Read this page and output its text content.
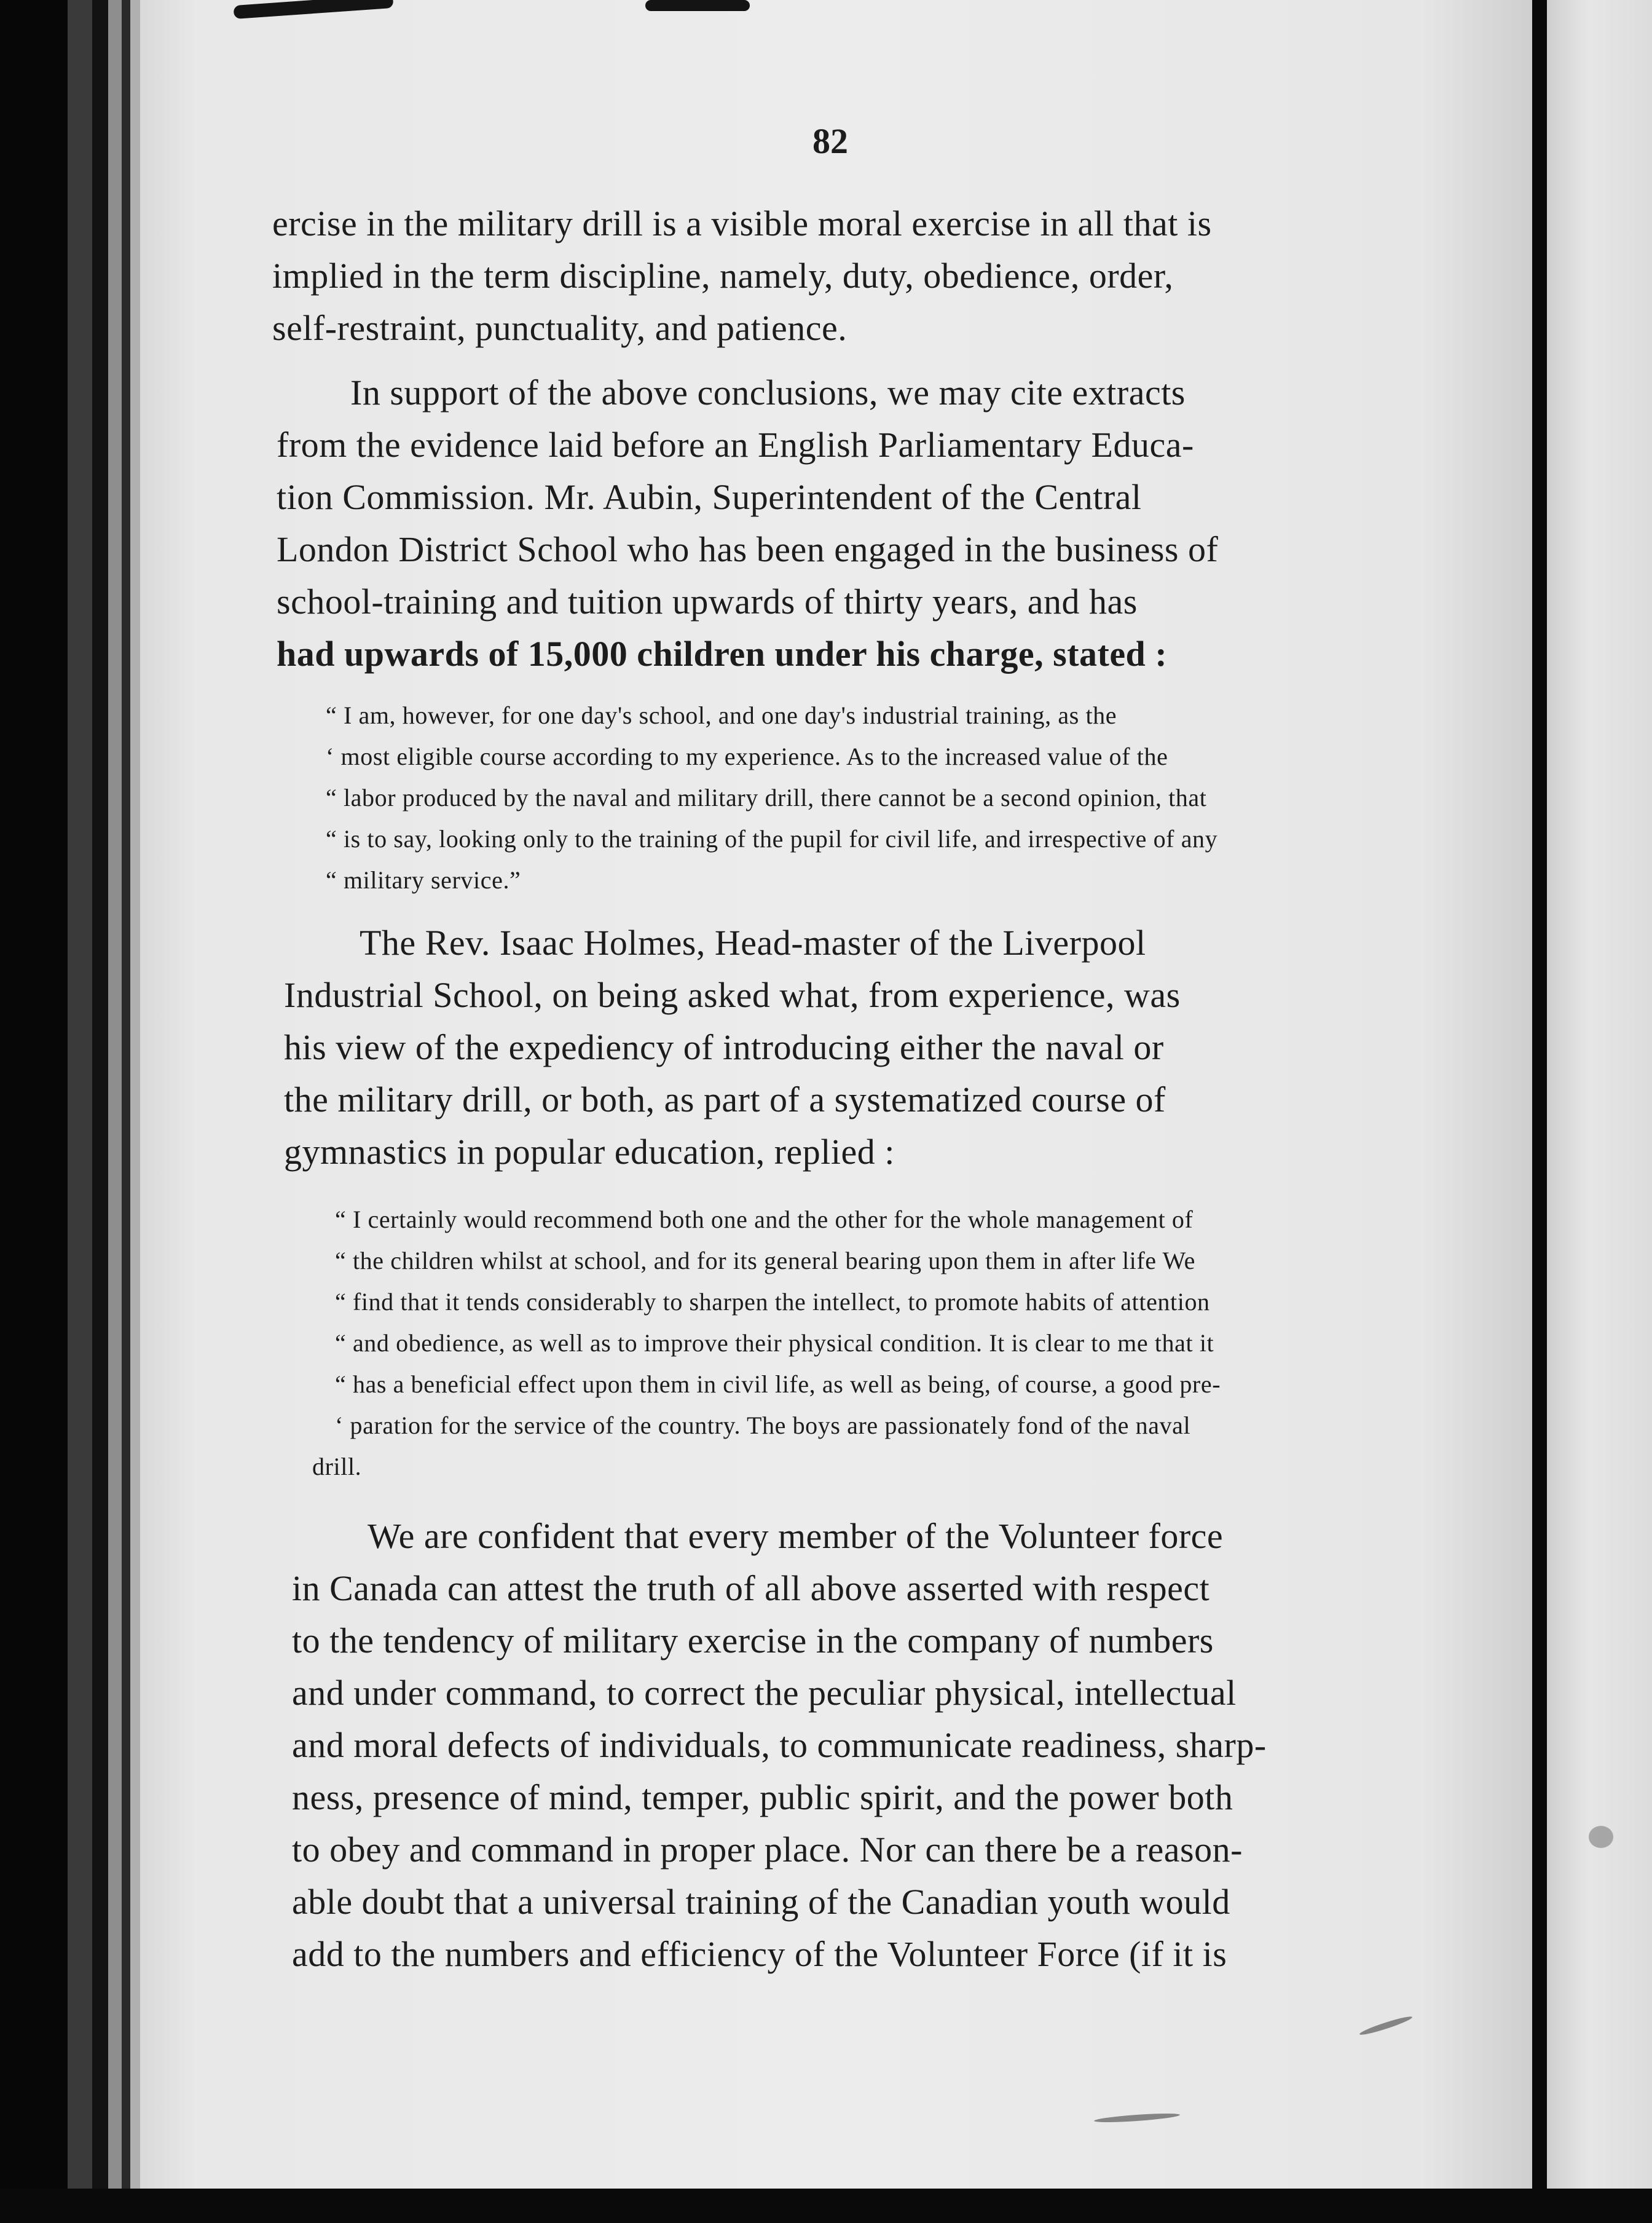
82
ercise in the military drill is a visible moral exercise in all that is
implied in the term discipline, namely, duty, obedience, order,
self-restraint, punctuality, and patience.
In support of the above conclusions, we may cite extracts
from the evidence laid before an English Parliamentary Educa-
tion Commission. Mr. Aubin, Superintendent of the Central
London District School who has been engaged in the business of
school-training and tuition upwards of thirty years, and has
had upwards of 15,000 children under his charge, stated :
“ I am, however, for one day's school, and one day's industrial training, as the
‘ most eligible course according to my experience. As to the increased value of the
“ labor produced by the naval and military drill, there cannot be a second opinion, that
“ is to say, looking only to the training of the pupil for civil life, and irrespective of any
“ military service.”
The Rev. Isaac Holmes, Head-master of the Liverpool
Industrial School, on being asked what, from experience, was
his view of the expediency of introducing either the naval or
the military drill, or both, as part of a systematized course of
gymnastics in popular education, replied :
“ I certainly would recommend both one and the other for the whole management of
“ the children whilst at school, and for its general bearing upon them in after life We
“ find that it tends considerably to sharpen the intellect, to promote habits of attention
“ and obedience, as well as to improve their physical condition. It is clear to me that it
“ has a beneficial effect upon them in civil life, as well as being, of course, a good pre-
‘ paration for the service of the country. The boys are passionately fond of the naval
drill.
We are confident that every member of the Volunteer force
in Canada can attest the truth of all above asserted with respect
to the tendency of military exercise in the company of numbers
and under command, to correct the peculiar physical, intellectual
and moral defects of individuals, to communicate readiness, sharp-
ness, presence of mind, temper, public spirit, and the power both
to obey and command in proper place. Nor can there be a reason-
able doubt that a universal training of the Canadian youth would
add to the numbers and efficiency of the Volunteer Force (if it is
